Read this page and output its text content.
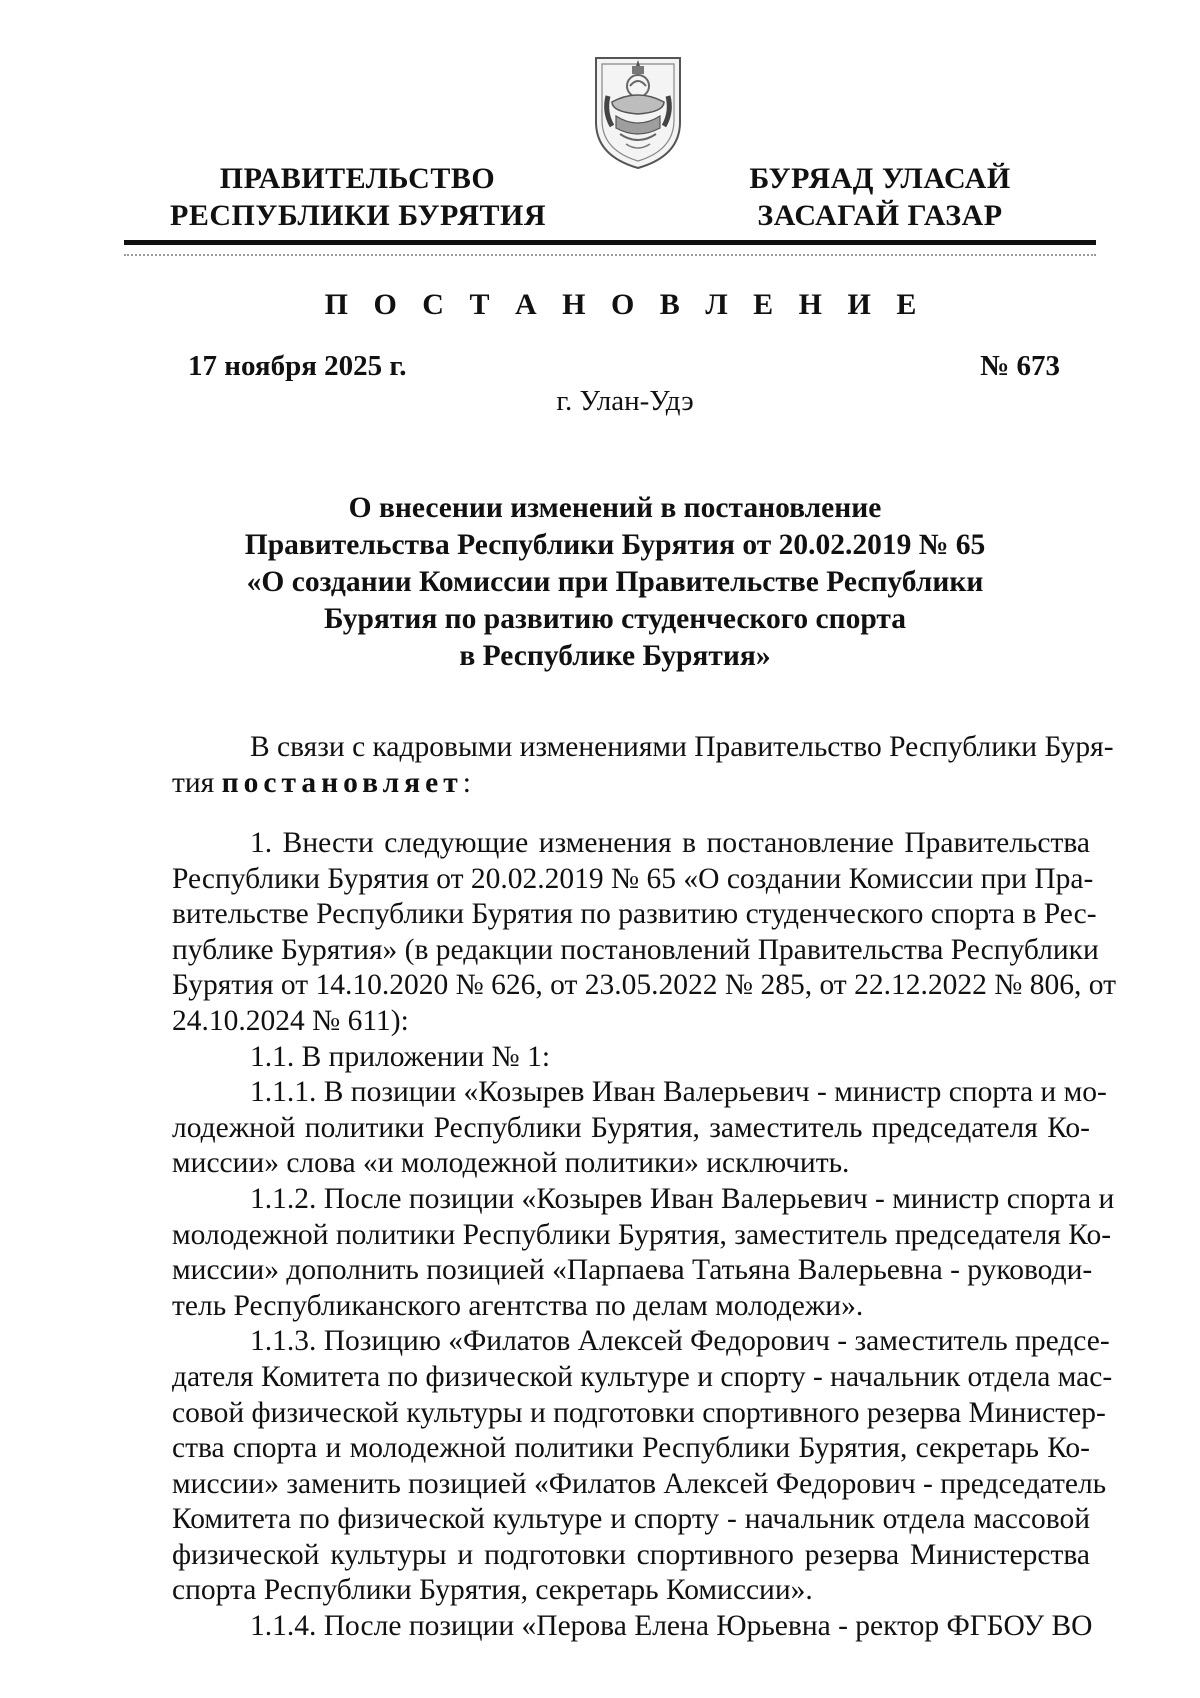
ПРАВИТЕЛЬСТВО
РЕСПУБЛИКИ БУРЯТИЯ
БУРЯАД УЛАСАЙ
ЗАСАГАЙ ГАЗАР
П О С Т А Н О В Л Е Н И Е
17 ноября 2025 г.	№ 673
г. Улан-Удэ
О внесении изменений в постановление
Правительства Республики Бурятия от 20.02.2019 № 65
«О создании Комиссии при Правительстве Республики
Бурятия по развитию студенческого спорта
в Республике Бурятия»
В связи с кадровыми изменениями Правительство Республики Буря-
тия постановляет:
1. Внести следующие изменения в постановление Правительства
Республики Бурятия от 20.02.2019 № 65 «О создании Комиссии при Пра-
вительстве Республики Бурятия по развитию студенческого спорта в Рес-
публике Бурятия» (в редакции постановлений Правительства Республики
Бурятия от 14.10.2020 № 626, от 23.05.2022 № 285, от 22.12.2022 № 806, от
24.10.2024 № 611):
1.1. В приложении № 1:
1.1.1. В позиции «Козырев Иван Валерьевич - министр спорта и мо-
лодежной политики Республики Бурятия, заместитель председателя Ко-
миссии» слова «и молодежной политики» исключить.
1.1.2. После позиции «Козырев Иван Валерьевич - министр спорта и
молодежной политики Республики Бурятия, заместитель председателя Ко-
миссии» дополнить позицией «Парпаева Татьяна Валерьевна - руководи-
тель Республиканского агентства по делам молодежи».
1.1.3. Позицию «Филатов Алексей Федорович - заместитель предсе-
дателя Комитета по физической культуре и спорту - начальник отдела мас-
совой физической культуры и подготовки спортивного резерва Министер-
ства спорта и молодежной политики Республики Бурятия, секретарь Ко-
миссии» заменить позицией «Филатов Алексей Федорович - председатель
Комитета по физической культуре и спорту - начальник отдела массовой
физической культуры и подготовки спортивного резерва Министерства
спорта Республики Бурятия, секретарь Комиссии».
1.1.4. После позиции «Перова Елена Юрьевна - ректор ФГБОУ ВО
